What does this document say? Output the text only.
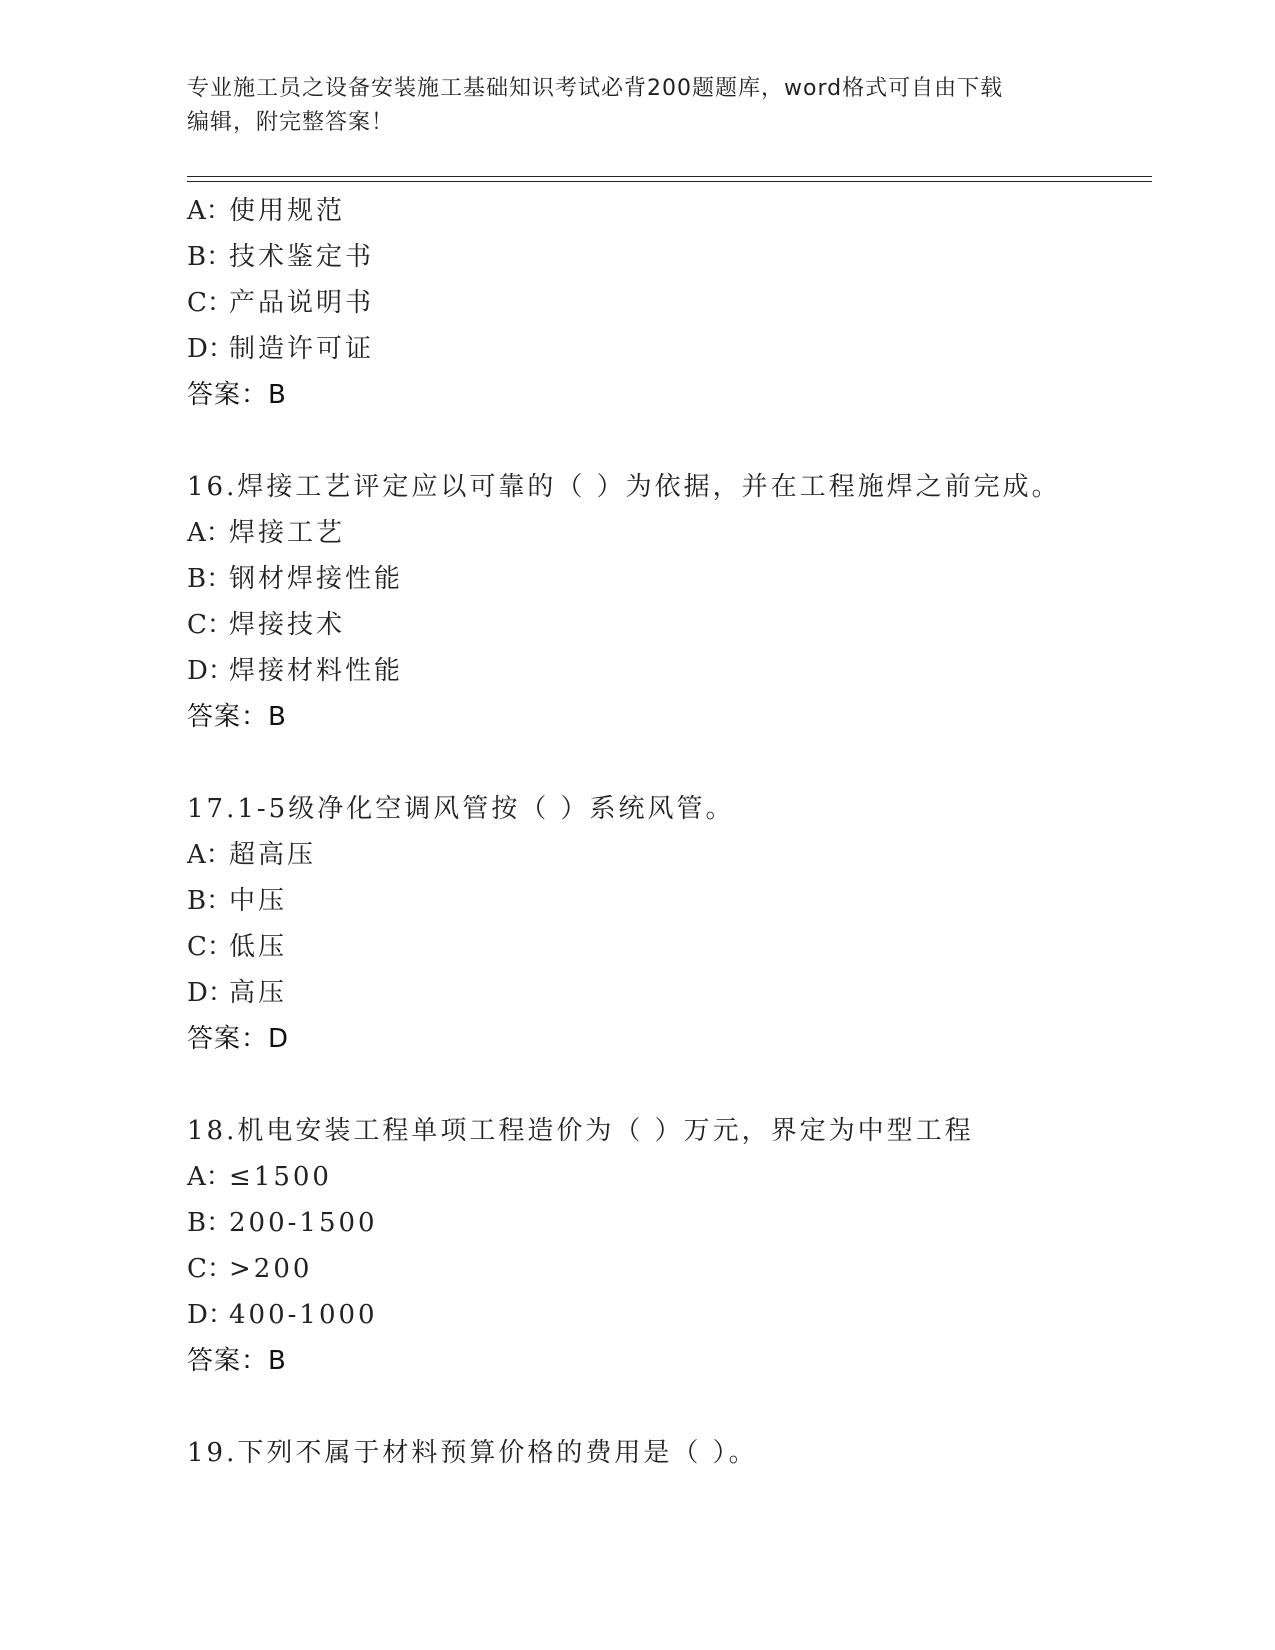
专业施工员之设备安装施工基础知识考试必背200题题库，word格式可自由下载
编辑，附完整答案！
A：使用规范
B：技术鉴定书
C：产品说明书
D：制造许可证
答案：B
16.焊接工艺评定应以可靠的（ ）为依据，并在工程施焊之前完成。
A：焊接工艺
B：钢材焊接性能
C：焊接技术
D：焊接材料性能
答案：B
17.1-5级净化空调风管按（ ）系统风管。
A：超高压
B：中压
C：低压
D：高压
答案：D
18.机电安装工程单项工程造价为（ ）万元，界定为中型工程
A：≤1500
B：200-1500
C：>200
D：400-1000
答案：B
19.下列不属于材料预算价格的费用是（ ）。
